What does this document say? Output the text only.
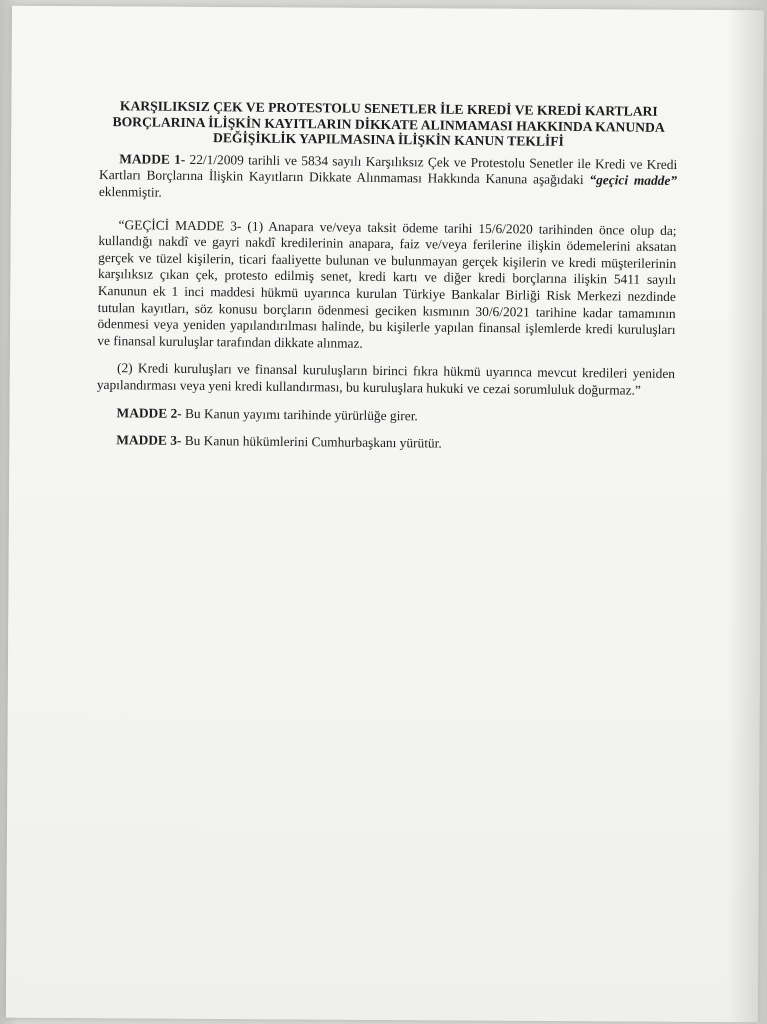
KARŞILIKSIZ ÇEK VE PROTESTOLU SENETLER İLE KREDİ VE KREDİ KARTLARI
BORÇLARINA İLİŞKİN KAYITLARIN DİKKATE ALINMAMASI HAKKINDA KANUNDA
DEĞİŞİKLİK YAPILMASINA İLİŞKİN KANUN TEKLİFİ

MADDE 1- 22/1/2009 tarihli ve 5834 sayılı Karşılıksız Çek ve Protestolu Senetler ile Kredi ve Kredi Kartları Borçlarına İlişkin Kayıtların Dikkate Alınmaması Hakkında Kanuna aşağıdaki “geçici madde” eklenmiştir.

“GEÇİCİ MADDE 3- (1) Anapara ve/veya taksit ödeme tarihi 15/6/2020 tarihinden önce olup da; kullandığı nakdî ve gayri nakdî kredilerinin anapara, faiz ve/veya ferilerine ilişkin ödemelerini aksatan gerçek ve tüzel kişilerin, ticari faaliyette bulunan ve bulunmayan gerçek kişilerin ve kredi müşterilerinin karşılıksız çıkan çek, protesto edilmiş senet, kredi kartı ve diğer kredi borçlarına ilişkin 5411 sayılı Kanunun ek 1 inci maddesi hükmü uyarınca kurulan Türkiye Bankalar Birliği Risk Merkezi nezdinde tutulan kayıtları, söz konusu borçların ödenmesi geciken kısmının 30/6/2021 tarihine kadar tamamının ödenmesi veya yeniden yapılandırılması halinde, bu kişilerle yapılan finansal işlemlerde kredi kuruluşları ve finansal kuruluşlar tarafından dikkate alınmaz.

(2) Kredi kuruluşları ve finansal kuruluşların birinci fıkra hükmü uyarınca mevcut kredileri yeniden yapılandırması veya yeni kredi kullandırması, bu kuruluşlara hukuki ve cezai sorumluluk doğurmaz.”

MADDE 2- Bu Kanun yayımı tarihinde yürürlüğe girer.

MADDE 3- Bu Kanun hükümlerini Cumhurbaşkanı yürütür.
